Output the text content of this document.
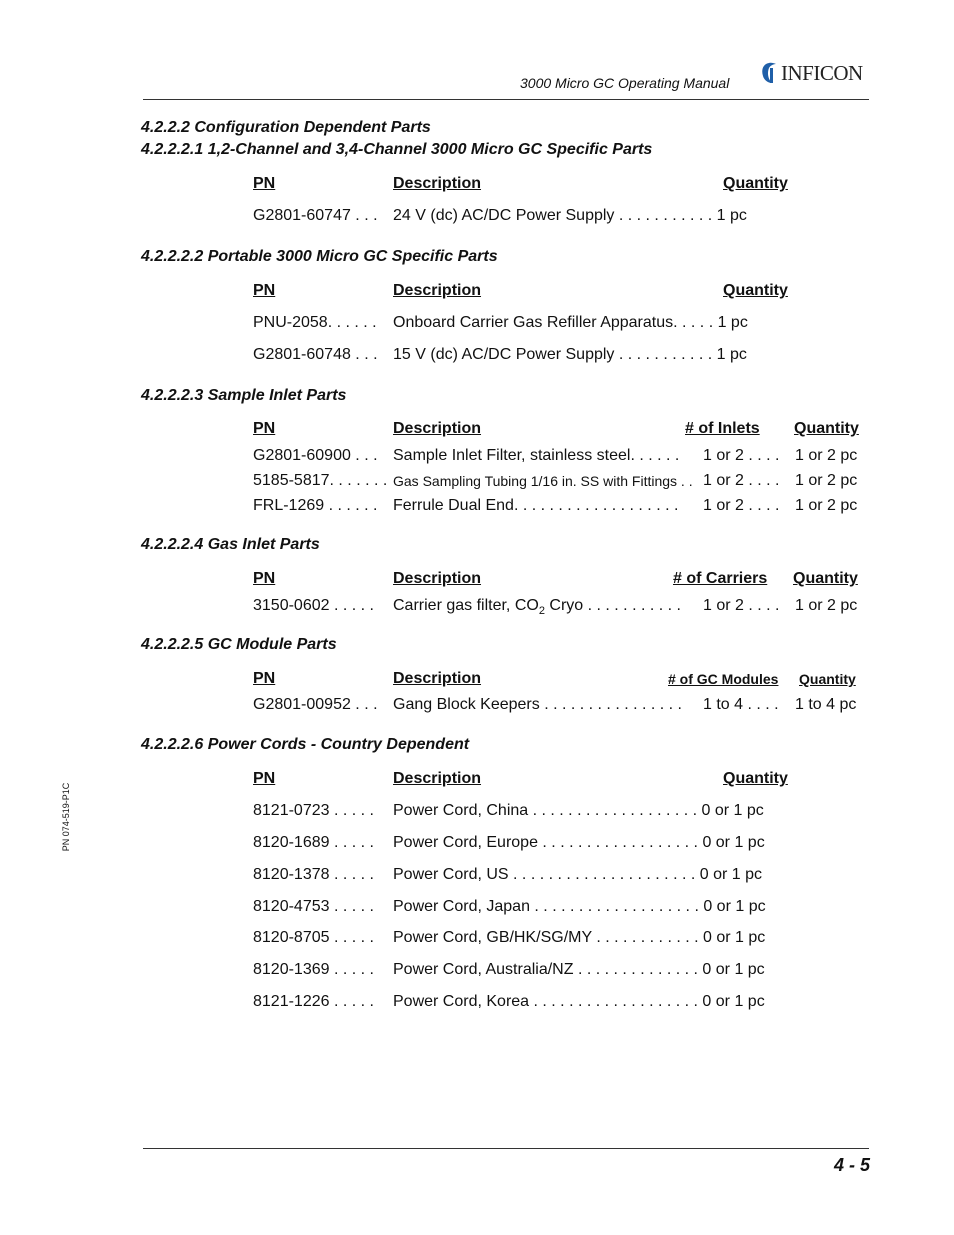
3000 Micro GC Operating Manual INFICON
4.2.2.2 Configuration Dependent Parts
4.2.2.2.1 1,2-Channel and 3,4-Channel 3000 Micro GC Specific Parts
PN	Description	Quantity
G2801-60747 . . . 24 V (dc) AC/DC Power Supply . . . . . . . . . . . 1 pc
4.2.2.2.2 Portable 3000 Micro GC Specific Parts
PN	Description	Quantity
PNU-2058. . . . . . Onboard Carrier Gas Refiller Apparatus. . . . . 1 pc
G2801-60748 . . . 15 V (dc) AC/DC Power Supply . . . . . . . . . . . 1 pc
4.2.2.2.3 Sample Inlet Parts
PN	Description	# of Inlets Quantity
G2801-60900 . . . Sample Inlet Filter, stainless steel. . . . . . 1 or 2 . . . . 1 or 2 pc
5185-5817. . . . . . . Gas Sampling Tubing 1/16 in. SS with Fittings . . 1 or 2 . . . . 1 or 2 pc
FRL-1269 . . . . . . Ferrule Dual End. . . . . . . . . . . . . . . . . . . 1 or 2 . . . . 1 or 2 pc
4.2.2.2.4 Gas Inlet Parts
PN	Description	# of Carriers Quantity
3150-0602 . . . . . Carrier gas filter, $CO_2$ Cryo . . . . . . . . . . . 1 or 2 . . . . 1 or 2 pc
4.2.2.2.5 GC Module Parts
PN	Description	# of GC Modules Quantity
G2801-00952 . . . Gang Block Keepers . . . . . . . . . . . . . . . . 1 to 4 . . . . 1 to 4 pc
4.2.2.2.6 Power Cords - Country Dependent
PN	Description	Quantity
8121-0723 . . . . . Power Cord, China . . . . . . . . . . . . . . . . . . . 0 or 1 pc
8120-1689 . . . . . Power Cord, Europe . . . . . . . . . . . . . . . . . . 0 or 1 pc
8120-1378 . . . . . Power Cord, US . . . . . . . . . . . . . . . . . . . . . 0 or 1 pc
8120-4753 . . . . . Power Cord, Japan . . . . . . . . . . . . . . . . . . . 0 or 1 pc
8120-8705 . . . . . Power Cord, GB/HK/SG/MY . . . . . . . . . . . . 0 or 1 pc
8120-1369 . . . . . Power Cord, Australia/NZ . . . . . . . . . . . . . . 0 or 1 pc
8121-1226 . . . . . Power Cord, Korea . . . . . . . . . . . . . . . . . . . 0 or 1 pc
PN 074-519-P1C
4 - 5
